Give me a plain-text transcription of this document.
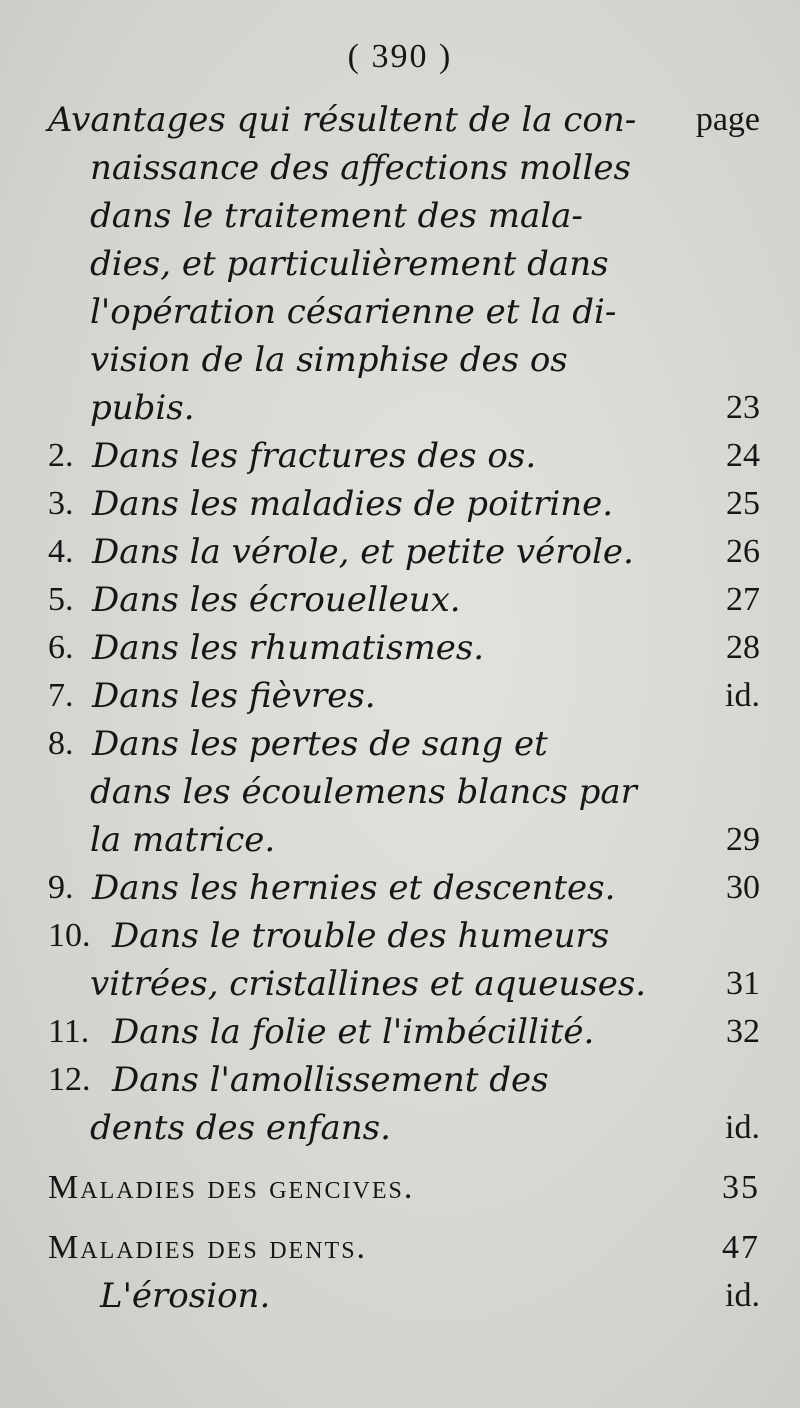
( 390 )
page
Avantages qui résultent de la con-
naissance des affections molles
dans le traitement des mala-
dies, et particulièrement dans
l'opération césarienne et la di-
vision de la simphise des os
pubis.	23
2. Dans les fractures des os.	24
3. Dans les maladies de poitrine.	25
4. Dans la vérole, et petite vérole.	26
5. Dans les écrouelleux.	27
6. Dans les rhumatismes.	28
7. Dans les fièvres.	id.
8. Dans les pertes de sang et
dans les écoulemens blancs par
la matrice.	29
9. Dans les hernies et descentes.	30
10. Dans le trouble des humeurs
vitrées, cristallines et aqueuses. 31
11. Dans la folie et l'imbécillité.	32
12. Dans l'amollissement des
dents des enfans.	id.
Maladies des gencives.	35
Maladies des dents.	47
L'érosion.	id.
